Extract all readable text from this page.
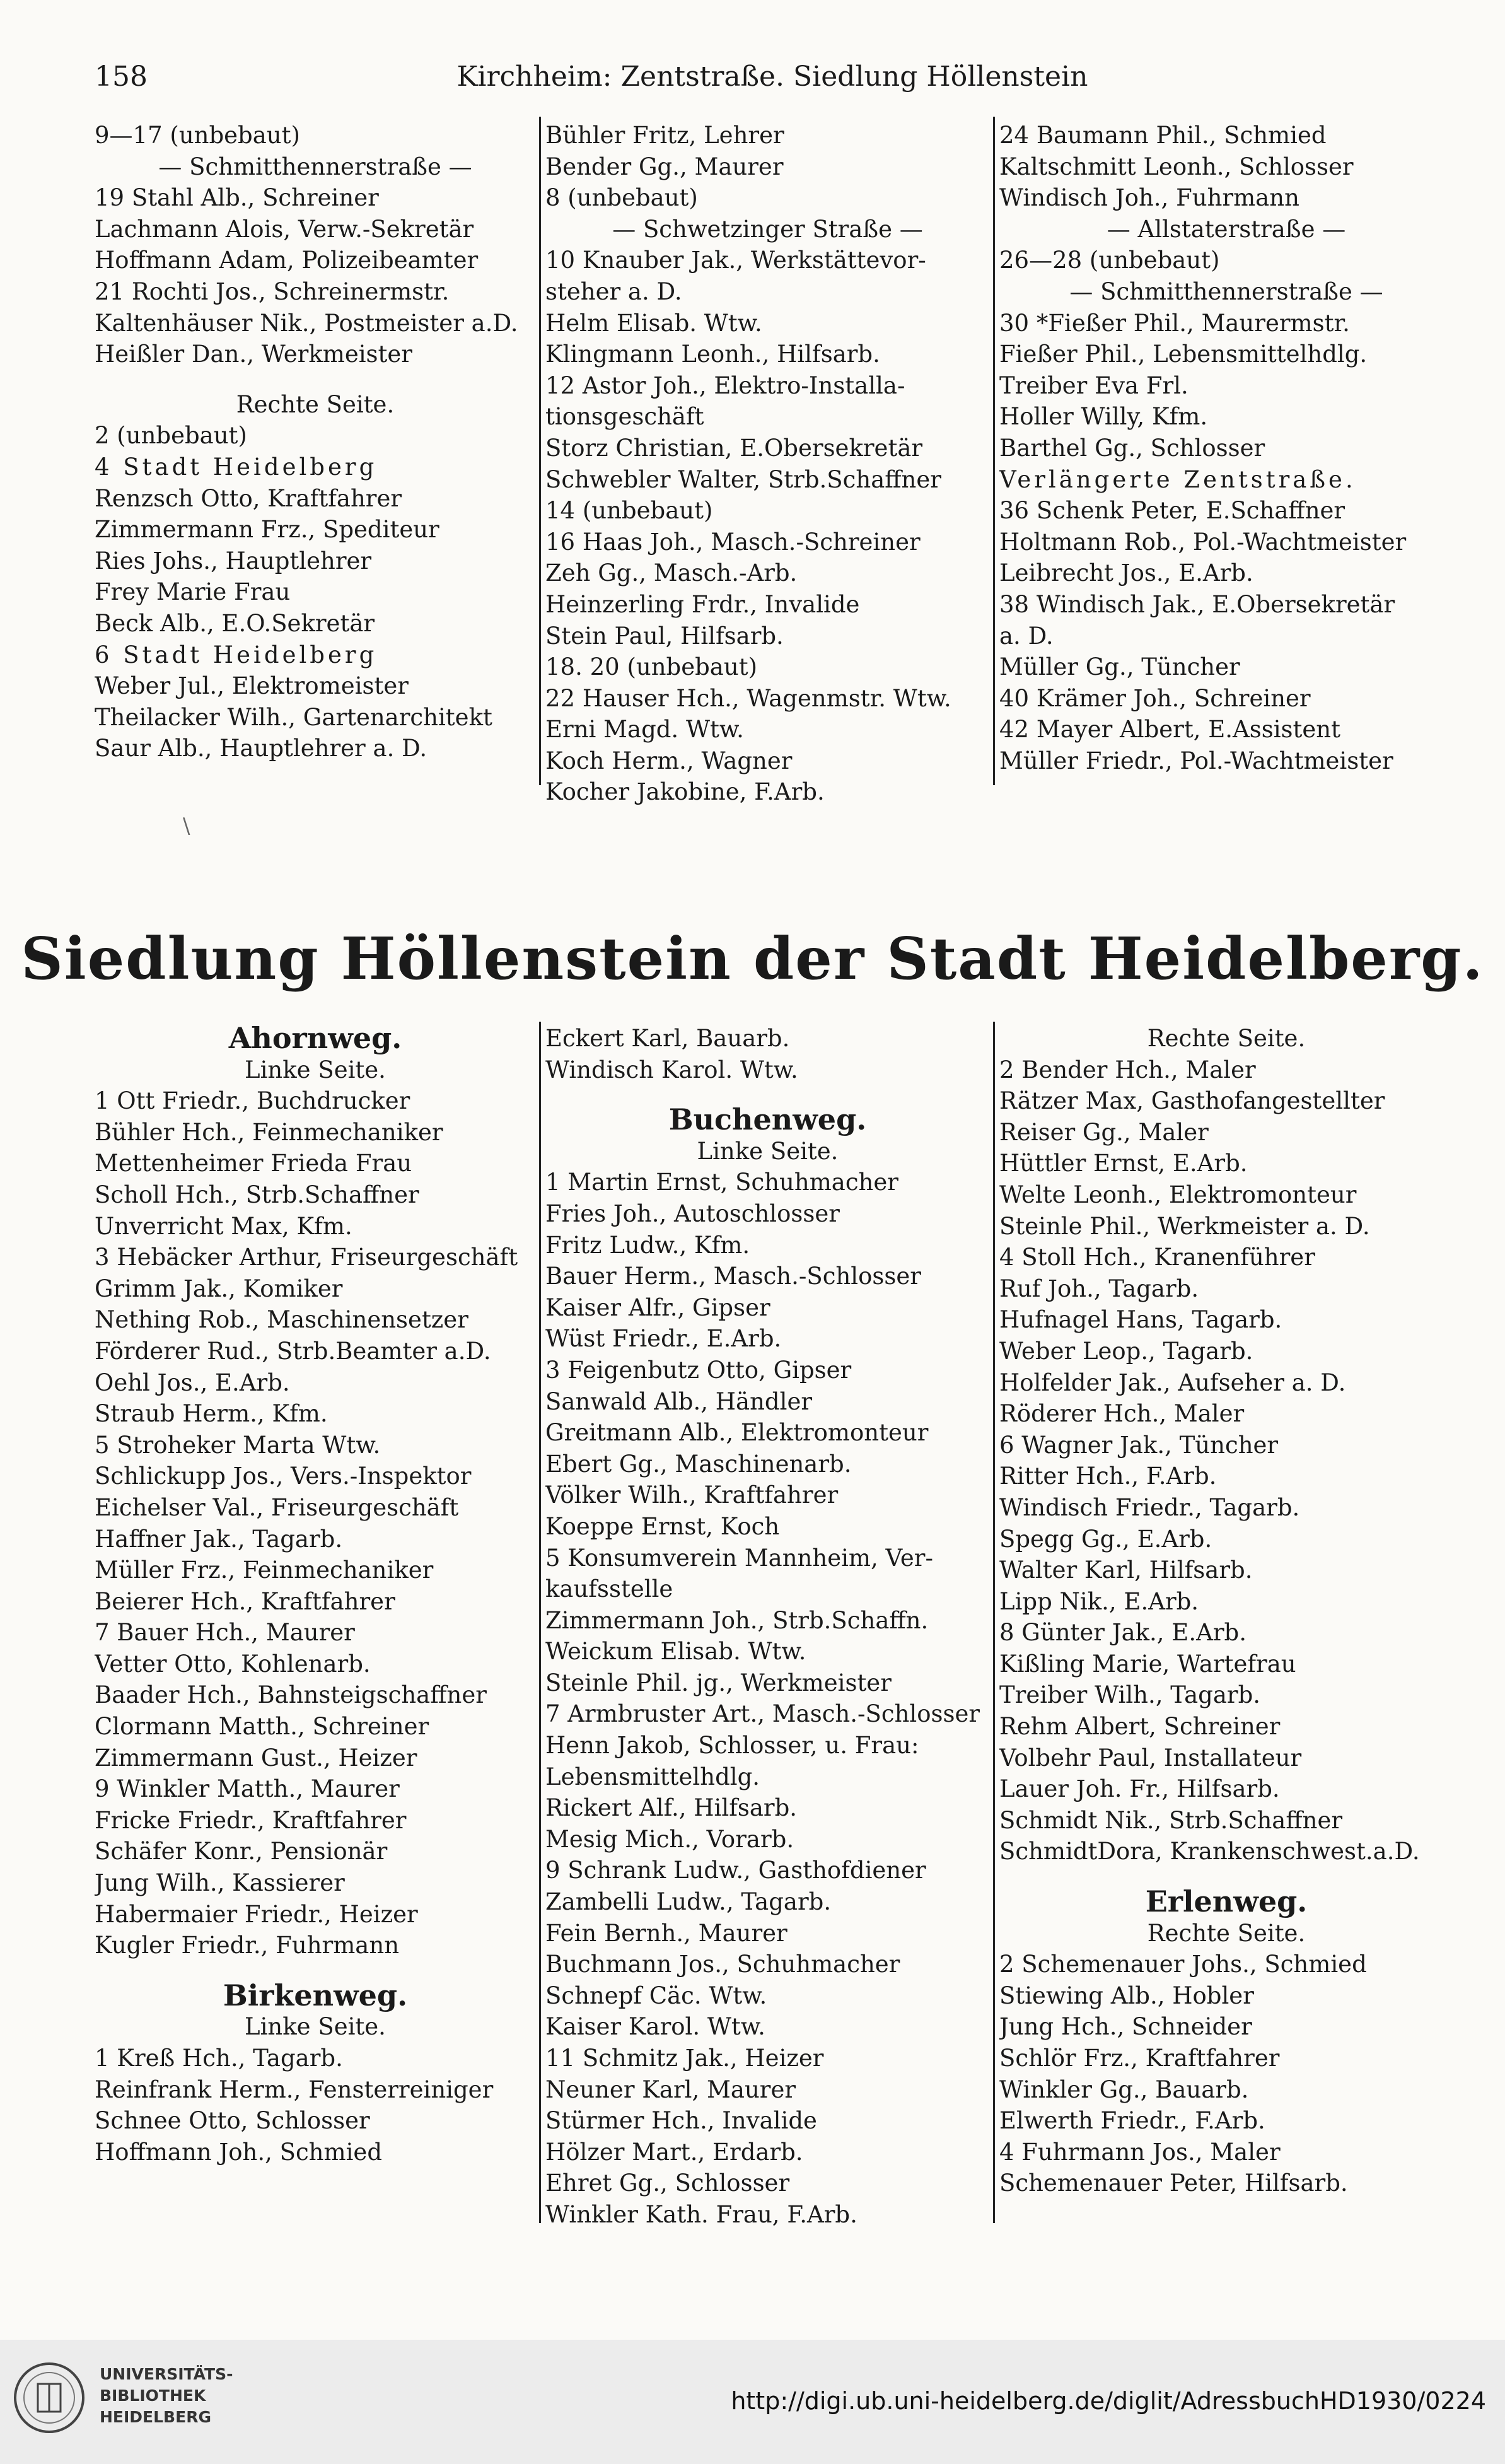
158	Kirchheim: Zentstraße. Siedlung Höllenstein
9—17 (unbebaut)
— Schmitthennerstraße —
19 Stahl Alb., Schreiner
Lachmann Alois, Verw.-Sekretär
Hoffmann Adam, Polizeibeamter
21 Rochti Jos., Schreinermstr.
Kaltenhäuser Nik., Postmeister a.D.
Heißler Dan., Werkmeister
Rechte Seite.
2 (unbebaut)
4 Stadt Heidelberg
Renzsch Otto, Kraftfahrer
Zimmermann Frz., Spediteur
Ries Johs., Hauptlehrer
Frey Marie Frau
Beck Alb., E.O.Sekretär
6 Stadt Heidelberg
Weber Jul., Elektromeister
Theilacker Wilh., Gartenarchitekt
Saur Alb., Hauptlehrer a. D.
Bühler Fritz, Lehrer
Bender Gg., Maurer
8 (unbebaut)
— Schwetzinger Straße —
10 Knauber Jak., Werkstättevor-
steher a. D.
Helm Elisab. Wtw.
Klingmann Leonh., Hilfsarb.
12 Astor Joh., Elektro-Installa-
tionsgeschäft
Storz Christian, E.Obersekretär
Schwebler Walter, Strb.Schaffner
14 (unbebaut)
16 Haas Joh., Masch.-Schreiner
Zeh Gg., Masch.-Arb.
Heinzerling Frdr., Invalide
Stein Paul, Hilfsarb.
18. 20 (unbebaut)
22 Hauser Hch., Wagenmstr. Wtw.
Erni Magd. Wtw.
Koch Herm., Wagner
Kocher Jakobine, F.Arb.
24 Baumann Phil., Schmied
Kaltschmitt Leonh., Schlosser
Windisch Joh., Fuhrmann
— Allstaterstraße —
26—28 (unbebaut)
— Schmitthennerstraße —
30 *Fießer Phil., Maurermstr.
Fießer Phil., Lebensmittelhdlg.
Treiber Eva Frl.
Holler Willy, Kfm.
Barthel Gg., Schlosser
Verlängerte Zentstraße.
36 Schenk Peter, E.Schaffner
Holtmann Rob., Pol.-Wachtmeister
Leibrecht Jos., E.Arb.
38 Windisch Jak., E.Obersekretär
a. D.
Müller Gg., Tüncher
40 Krämer Joh., Schreiner
42 Mayer Albert, E.Assistent
Müller Friedr., Pol.-Wachtmeister
\
Siedlung Höllenstein der Stadt Heidelberg.
Ahornweg.
Linke Seite.
1 Ott Friedr., Buchdrucker
Bühler Hch., Feinmechaniker
Mettenheimer Frieda Frau
Scholl Hch., Strb.Schaffner
Unverricht Max, Kfm.
3 Hebäcker Arthur, Friseurgeschäft
Grimm Jak., Komiker
Nething Rob., Maschinensetzer
Förderer Rud., Strb.Beamter a.D.
Oehl Jos., E.Arb.
Straub Herm., Kfm.
5 Stroheker Marta Wtw.
Schlickupp Jos., Vers.-Inspektor
Eichelser Val., Friseurgeschäft
Haffner Jak., Tagarb.
Müller Frz., Feinmechaniker
Beierer Hch., Kraftfahrer
7 Bauer Hch., Maurer
Vetter Otto, Kohlenarb.
Baader Hch., Bahnsteigschaffner
Clormann Matth., Schreiner
Zimmermann Gust., Heizer
9 Winkler Matth., Maurer
Fricke Friedr., Kraftfahrer
Schäfer Konr., Pensionär
Jung Wilh., Kassierer
Habermaier Friedr., Heizer
Kugler Friedr., Fuhrmann
Birkenweg.
Linke Seite.
1 Kreß Hch., Tagarb.
Reinfrank Herm., Fensterreiniger
Schnee Otto, Schlosser
Hoffmann Joh., Schmied
Eckert Karl, Bauarb.
Windisch Karol. Wtw.
Buchenweg.
Linke Seite.
1 Martin Ernst, Schuhmacher
Fries Joh., Autoschlosser
Fritz Ludw., Kfm.
Bauer Herm., Masch.-Schlosser
Kaiser Alfr., Gipser
Wüst Friedr., E.Arb.
3 Feigenbutz Otto, Gipser
Sanwald Alb., Händler
Greitmann Alb., Elektromonteur
Ebert Gg., Maschinenarb.
Völker Wilh., Kraftfahrer
Koeppe Ernst, Koch
5 Konsumverein Mannheim, Ver-
kaufsstelle
Zimmermann Joh., Strb.Schaffn.
Weickum Elisab. Wtw.
Steinle Phil. jg., Werkmeister
7 Armbruster Art., Masch.-Schlosser
Henn Jakob, Schlosser, u. Frau:
Lebensmittelhdlg.
Rickert Alf., Hilfsarb.
Mesig Mich., Vorarb.
9 Schrank Ludw., Gasthofdiener
Zambelli Ludw., Tagarb.
Fein Bernh., Maurer
Buchmann Jos., Schuhmacher
Schnepf Cäc. Wtw.
Kaiser Karol. Wtw.
11 Schmitz Jak., Heizer
Neuner Karl, Maurer
Stürmer Hch., Invalide
Hölzer Mart., Erdarb.
Ehret Gg., Schlosser
Winkler Kath. Frau, F.Arb.
Rechte Seite.
2 Bender Hch., Maler
Rätzer Max, Gasthofangestellter
Reiser Gg., Maler
Hüttler Ernst, E.Arb.
Welte Leonh., Elektromonteur
Steinle Phil., Werkmeister a. D.
4 Stoll Hch., Kranenführer
Ruf Joh., Tagarb.
Hufnagel Hans, Tagarb.
Weber Leop., Tagarb.
Holfelder Jak., Aufseher a. D.
Röderer Hch., Maler
6 Wagner Jak., Tüncher
Ritter Hch., F.Arb.
Windisch Friedr., Tagarb.
Spegg Gg., E.Arb.
Walter Karl, Hilfsarb.
Lipp Nik., E.Arb.
8 Günter Jak., E.Arb.
Kißling Marie, Wartefrau
Treiber Wilh., Tagarb.
Rehm Albert, Schreiner
Volbehr Paul, Installateur
Lauer Joh. Fr., Hilfsarb.
Schmidt Nik., Strb.Schaffner
SchmidtDora, Krankenschwest.a.D.
Erlenweg.
Rechte Seite.
2 Schemenauer Johs., Schmied
Stiewing Alb., Hobler
Jung Hch., Schneider
Schlör Frz., Kraftfahrer
Winkler Gg., Bauarb.
Elwerth Friedr., F.Arb.
4 Fuhrmann Jos., Maler
Schemenauer Peter, Hilfsarb.
UNIVERSITÄTS-
BIBLIOTHEK
HEIDELBERG
http://digi.ub.uni-heidelberg.de/diglit/AdressbuchHD1930/0224
